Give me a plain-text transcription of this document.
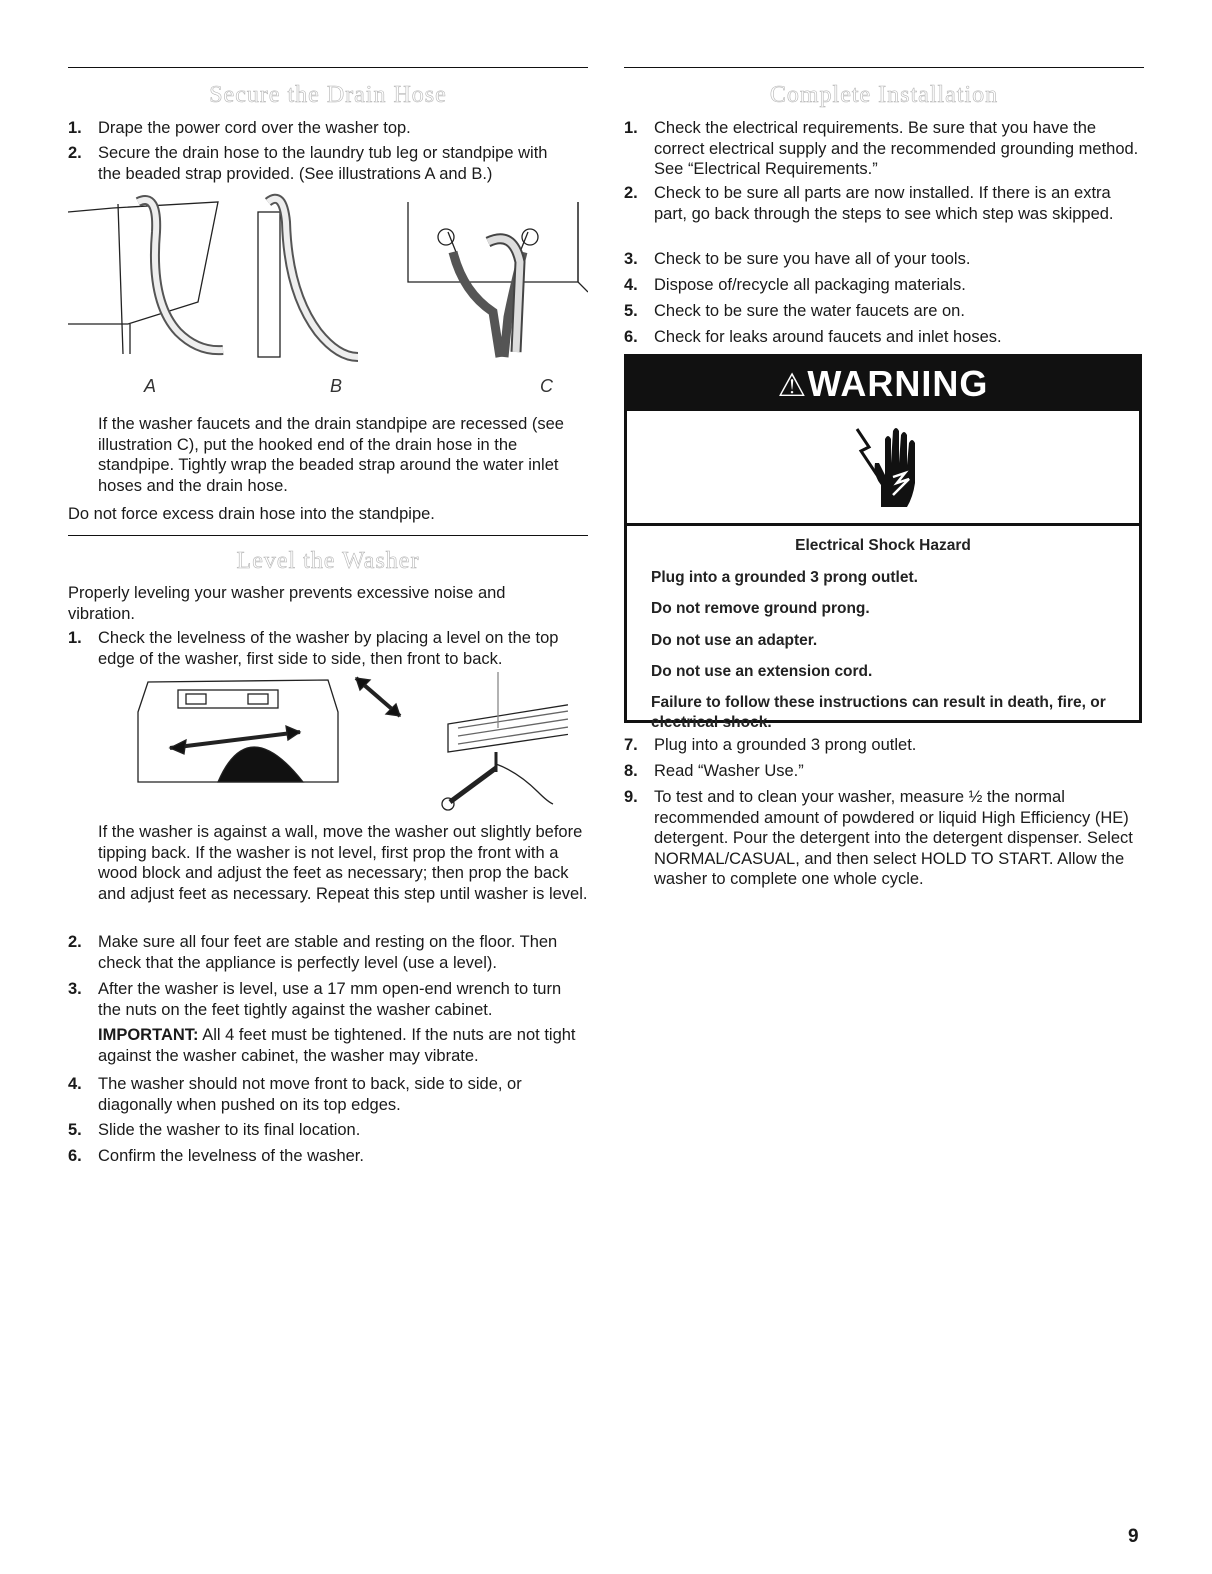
Secure the Drain Hose
1. Drape the power cord over the washer top.
2. Secure the drain hose to the laundry tub leg or standpipe with the beaded strap provided. (See illustrations A and B.)
A	B	C
If the washer faucets and the drain standpipe are recessed (see illustration C), put the hooked end of the drain hose in the standpipe. Tightly wrap the beaded strap around the water inlet hoses and the drain hose.
Do not force excess drain hose into the standpipe.
Level the Washer
Properly leveling your washer prevents excessive noise and vibration.
1. Check the levelness of the washer by placing a level on the top edge of the washer, first side to side, then front to back.
If the washer is against a wall, move the washer out slightly before tipping back. If the washer is not level, first prop the front with a wood block and adjust the feet as necessary; then prop the back and adjust feet as necessary. Repeat this step until washer is level.
2. Make sure all four feet are stable and resting on the floor. Then check that the appliance is perfectly level (use a level).
3. After the washer is level, use a 17 mm open-end wrench to turn the nuts on the feet tightly against the washer cabinet.
IMPORTANT: All 4 feet must be tightened. If the nuts are not tight against the washer cabinet, the washer may vibrate.
4. The washer should not move front to back, side to side, or diagonally when pushed on its top edges.
5. Slide the washer to its final location.
6. Confirm the levelness of the washer.
Complete Installation
1. Check the electrical requirements. Be sure that you have the correct electrical supply and the recommended grounding method. See “Electrical Requirements.”
2. Check to be sure all parts are now installed. If there is an extra part, go back through the steps to see which step was skipped.
3. Check to be sure you have all of your tools.
4. Dispose of/recycle all packaging materials.
5. Check to be sure the water faucets are on.
6. Check for leaks around faucets and inlet hoses.
⚠WARNING
Electrical Shock Hazard
Plug into a grounded 3 prong outlet.
Do not remove ground prong.
Do not use an adapter.
Do not use an extension cord.
Failure to follow these instructions can result in death, fire, or electrical shock.
7. Plug into a grounded 3 prong outlet.
8. Read “Washer Use.”
9. To test and to clean your washer, measure ½ the normal recommended amount of powdered or liquid High Efficiency (HE) detergent. Pour the detergent into the detergent dispenser. Select NORMAL/CASUAL, and then select HOLD TO START. Allow the washer to complete one whole cycle.
9
